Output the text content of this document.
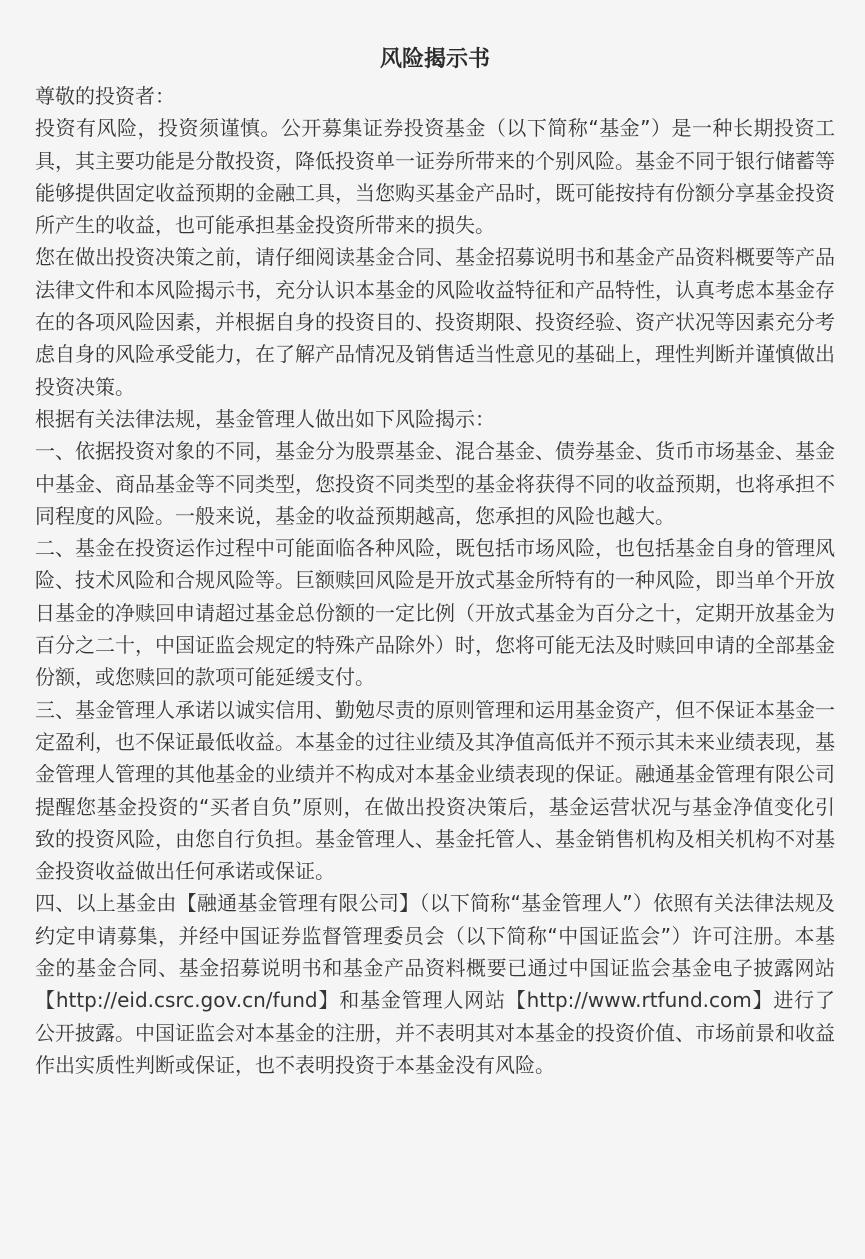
风险揭示书

尊敬的投资者：

投资有风险，投资须谨慎。公开募集证券投资基金（以下简称“基金”）是一种长期投资工具，其主要功能是分散投资，降低投资单一证券所带来的个别风险。基金不同于银行储蓄等能够提供固定收益预期的金融工具，当您购买基金产品时，既可能按持有份额分享基金投资所产生的收益，也可能承担基金投资所带来的损失。

您在做出投资决策之前，请仔细阅读基金合同、基金招募说明书和基金产品资料概要等产品法律文件和本风险揭示书，充分认识本基金的风险收益特征和产品特性，认真考虑本基金存在的各项风险因素，并根据自身的投资目的、投资期限、投资经验、资产状况等因素充分考虑自身的风险承受能力，在了解产品情况及销售适当性意见的基础上，理性判断并谨慎做出投资决策。

根据有关法律法规，基金管理人做出如下风险揭示：

一、依据投资对象的不同，基金分为股票基金、混合基金、债券基金、货币市场基金、基金中基金、商品基金等不同类型，您投资不同类型的基金将获得不同的收益预期，也将承担不同程度的风险。一般来说，基金的收益预期越高，您承担的风险也越大。

二、基金在投资运作过程中可能面临各种风险，既包括市场风险，也包括基金自身的管理风险、技术风险和合规风险等。巨额赎回风险是开放式基金所特有的一种风险，即当单个开放日基金的净赎回申请超过基金总份额的一定比例（开放式基金为百分之十，定期开放基金为百分之二十，中国证监会规定的特殊产品除外）时，您将可能无法及时赎回申请的全部基金份额，或您赎回的款项可能延缓支付。

三、基金管理人承诺以诚实信用、勤勉尽责的原则管理和运用基金资产，但不保证本基金一定盈利，也不保证最低收益。本基金的过往业绩及其净值高低并不预示其未来业绩表现，基金管理人管理的其他基金的业绩并不构成对本基金业绩表现的保证。融通基金管理有限公司提醒您基金投资的“买者自负”原则，在做出投资决策后，基金运营状况与基金净值变化引致的投资风险，由您自行负担。基金管理人、基金托管人、基金销售机构及相关机构不对基金投资收益做出任何承诺或保证。

四、以上基金由【融通基金管理有限公司】（以下简称“基金管理人”）依照有关法律法规及约定申请募集，并经中国证券监督管理委员会（以下简称“中国证监会”）许可注册。本基金的基金合同、基金招募说明书和基金产品资料概要已通过中国证监会基金电子披露网站【http://eid.csrc.gov.cn/fund】和基金管理人网站【http://www.rtfund.com】进行了公开披露。中国证监会对本基金的注册，并不表明其对本基金的投资价值、市场前景和收益作出实质性判断或保证，也不表明投资于本基金没有风险。
